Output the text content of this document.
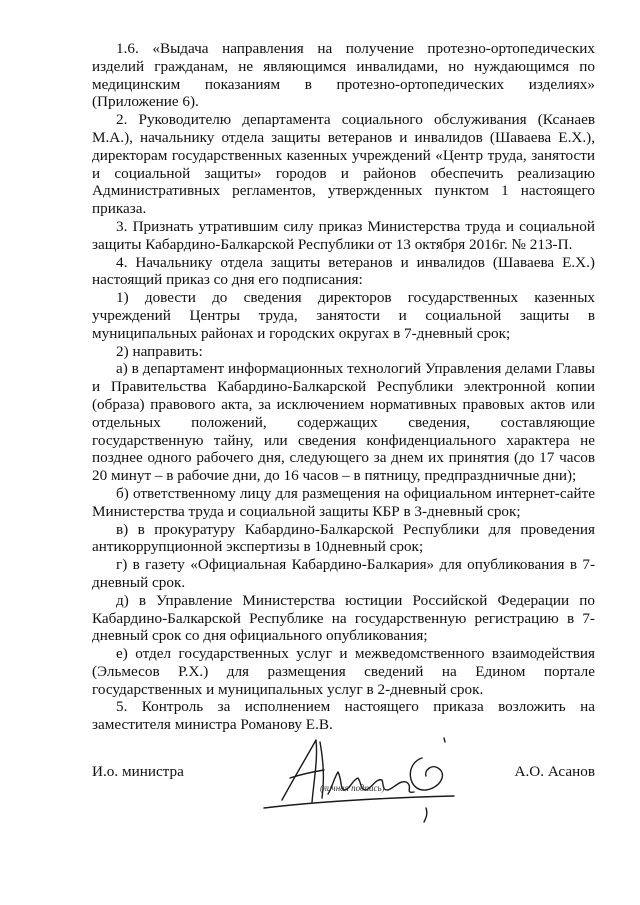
1.6. «Выдача направления на получение протезно-ортопедических изделий гражданам, не являющимся инвалидами, но нуждающимся по медицинским показаниям в протезно-ортопедических изделиях» (Приложение 6).

2. Руководителю департамента социального обслуживания (Ксанаев М.А.), начальнику отдела защиты ветеранов и инвалидов (Шаваева Е.Х.), директорам государственных казенных учреждений «Центр труда, занятости и социальной защиты» городов и районов обеспечить реализацию Административных регламентов, утвержденных пунктом 1 настоящего приказа.

3. Признать утратившим силу приказ Министерства труда и социальной защиты Кабардино-Балкарской Республики от 13 октября 2016г. № 213-П.

4. Начальнику отдела защиты ветеранов и инвалидов (Шаваева Е.Х.) настоящий приказ со дня его подписания:

1) довести до сведения директоров государственных казенных учреждений Центры труда, занятости и социальной защиты в муниципальных районах и городских округах в 7-дневный срок;

2) направить:

а) в департамент информационных технологий Управления делами Главы и Правительства Кабардино-Балкарской Республики электронной копии (образа) правового акта, за исключением нормативных правовых актов или отдельных положений, содержащих сведения, составляющие государственную тайну, или сведения конфиденциального характера не позднее одного рабочего дня, следующего за днем их принятия (до 17 часов 20 минут – в рабочие дни, до 16 часов – в пятницу, предпраздничные дни);

б) ответственному лицу для размещения на официальном интернет-сайте Министерства труда и социальной защиты КБР в 3-дневный срок;

в) в прокуратуру Кабардино-Балкарской Республики для проведения антикоррупционной экспертизы в 10дневный срок;

г) в газету «Официальная Кабардино-Балкария» для опубликования в 7-дневный срок.

д) в Управление Министерства юстиции Российской Федерации по Кабардино-Балкарской Республике на государственную регистрацию в 7-дневный срок со дня официального опубликования;

е) отдел государственных услуг и межведомственного взаимодействия (Эльмесов Р.Х.) для размещения сведений на Едином портале государственных и муниципальных услуг в 2-дневный срок.

5. Контроль за исполнением настоящего приказа возложить на заместителя министра Романову Е.В.

И.о. министра	А.О. Асанов
(личная подпись)
